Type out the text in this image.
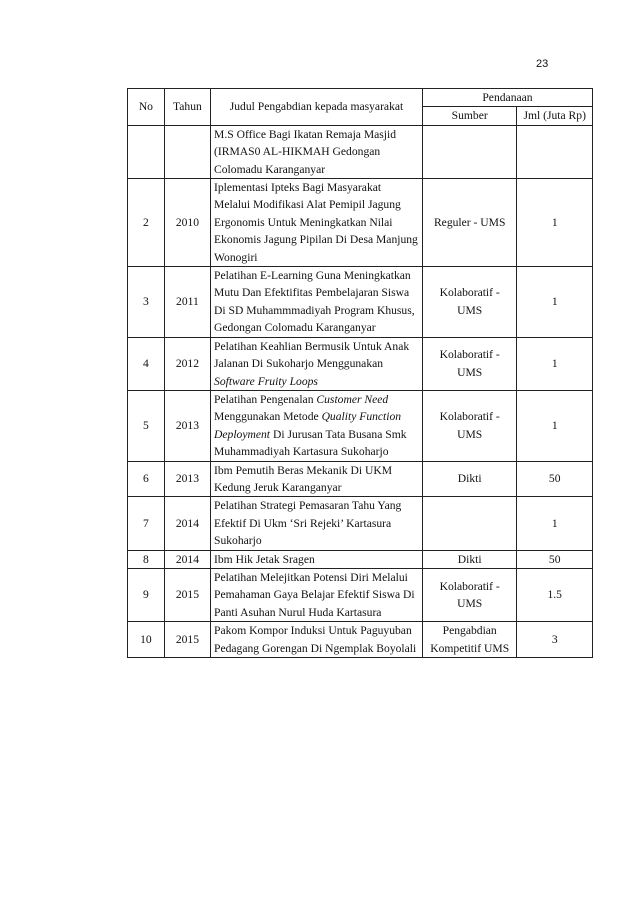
23
No	Tahun	Judul Pengabdian kepada masyarakat	Pendanaan	
			Sumber	Jml (Juta Rp)
		M.S Office Bagi Ikatan Remaja Masjid (IRMAS0 AL-HIKMAH Gedongan Colomadu Karanganyar		
2	2010	Iplementasi Ipteks Bagi Masyarakat Melalui Modifikasi Alat Pemipil Jagung Ergonomis Untuk Meningkatkan Nilai Ekonomis Jagung Pipilan Di Desa Manjung Wonogiri	Reguler - UMS	1
3	2011	Pelatihan E-Learning Guna Meningkatkan Mutu Dan Efektifitas Pembelajaran Siswa Di SD Muhammmadiyah Program Khusus, Gedongan Colomadu Karanganyar	Kolaboratif - UMS	1
4	2012	Pelatihan Keahlian Bermusik Untuk Anak Jalanan Di Sukoharjo Menggunakan Software Fruity Loops	Kolaboratif - UMS	1
5	2013	Pelatihan Pengenalan Customer Need Menggunakan Metode Quality Function Deployment Di Jurusan Tata Busana Smk Muhammadiyah Kartasura Sukoharjo	Kolaboratif - UMS	1
6	2013	Ibm Pemutih Beras Mekanik Di UKM Kedung Jeruk Karanganyar	Dikti	50
7	2014	Pelatihan Strategi Pemasaran Tahu Yang Efektif Di Ukm ‘Sri Rejeki’ Kartasura Sukoharjo		1
8	2014	Ibm Hik Jetak Sragen	Dikti	50
9	2015	Pelatihan Melejitkan Potensi Diri Melalui Pemahaman Gaya Belajar Efektif Siswa Di Panti Asuhan Nurul Huda Kartasura	Kolaboratif - UMS	1.5
10	2015	Pakom Kompor Induksi Untuk Paguyuban Pedagang Gorengan Di Ngemplak Boyolali	Pengabdian Kompetitif UMS	3
